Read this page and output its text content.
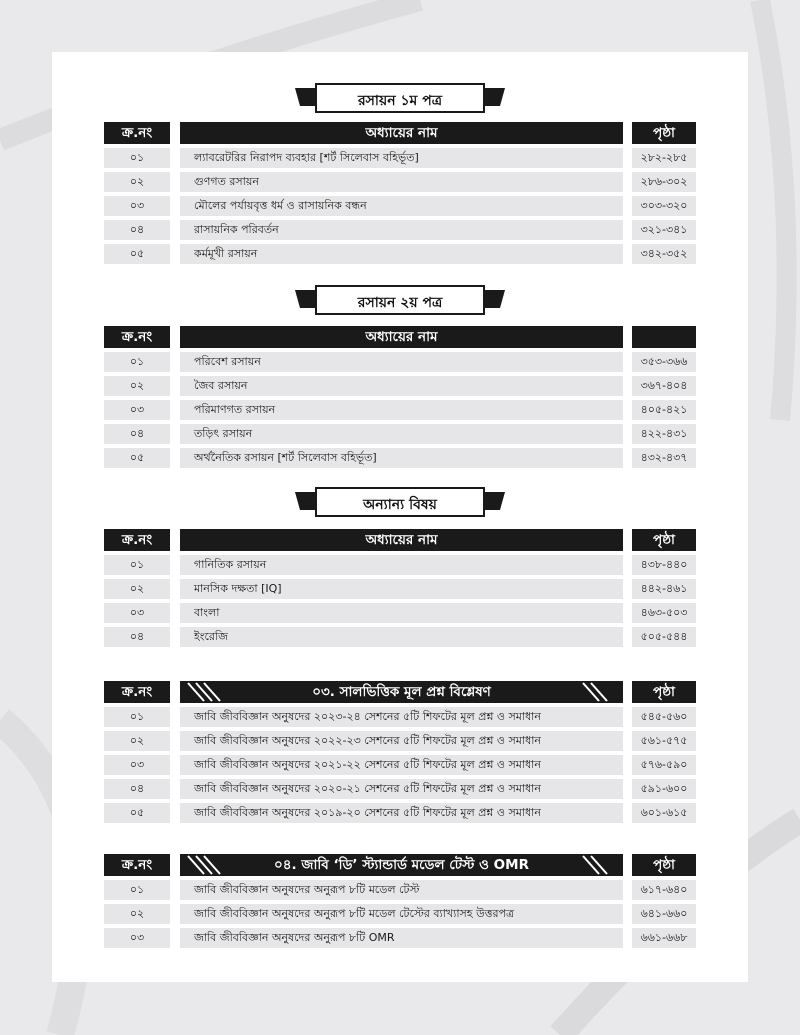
রসায়ন ১ম পত্র
ক্র.নং	অধ্যায়ের নাম	পৃষ্ঠা
০১	ল্যাবরেটরির নিরাপদ ব্যবহার [শর্ট সিলেবাস বহির্ভূত]	২৮২-২৮৫
০২	গুণগত রসায়ন	২৮৬-৩০২
০৩	মৌলের পর্যায়বৃত্ত ধর্ম ও রাসায়নিক বন্ধন	৩০৩-৩২০
০৪	রাসায়নিক পরিবর্তন	৩২১-৩৪১
০৫	কর্মমূখী রসায়ন	৩৪২-৩৫২
রসায়ন ২য় পত্র
ক্র.নং	অধ্যায়ের নাম
০১	পরিবেশ রসায়ন	৩৫৩-৩৬৬
০২	জৈব রসায়ন	৩৬৭-৪০৪
০৩	পরিমাণগত রসায়ন	৪০৫-৪২১
০৪	তড়িৎ রসায়ন	৪২২-৪৩১
০৫	অর্থনৈতিক রসায়ন [শর্ট সিলেবাস বহির্ভূত]	৪৩২-৪৩৭
অন্যান্য বিষয়
ক্র.নং	অধ্যায়ের নাম	পৃষ্ঠা
০১	গানিতিক রসায়ন	৪৩৮-৪৪০
০২	মানসিক দক্ষতা [IQ]	৪৪২-৪৬১
০৩	বাংলা	৪৬৩-৫০৩
০৪	ইংরেজি	৫০৫-৫৪৪
ক্র.নং	০৩. সালভিত্তিক মূল প্রশ্ন বিশ্লেষণ	পৃষ্ঠা
০১	জাবি জীববিজ্ঞান অনুষদের ২০২৩-২৪ সেশনের ৫টি শিফটের মূল প্রশ্ন ও সমাধান	৫৪৫-৫৬০
০২	জাবি জীববিজ্ঞান অনুষদের ২০২২-২৩ সেশনের ৫টি শিফটের মূল প্রশ্ন ও সমাধান	৫৬১-৫৭৫
০৩	জাবি জীববিজ্ঞান অনুষদের ২০২১-২২ সেশনের ৫টি শিফটের মূল প্রশ্ন ও সমাধান	৫৭৬-৫৯০
০৪	জাবি জীববিজ্ঞান অনুষদের ২০২০-২১ সেশনের ৫টি শিফটের মূল প্রশ্ন ও সমাধান	৫৯১-৬০০
০৫	জাবি জীববিজ্ঞান অনুষদের ২০১৯-২০ সেশনের ৫টি শিফটের মূল প্রশ্ন ও সমাধান	৬০১-৬১৫
ক্র.নং	০৪. জাবি ‘ডি’ স্ট্যান্ডার্ড মডেল টেস্ট ও OMR	পৃষ্ঠা
০১	জাবি জীববিজ্ঞান অনুষদের অনুরূপ ৮টি মডেল টেস্ট	৬১৭-৬৪০
০২	জাবি জীববিজ্ঞান অনুষদের অনুরূপ ৮টি মডেল টেস্টের ব্যাখ্যাসহ উত্তরপত্র	৬৪১-৬৬০
০৩	জাবি জীববিজ্ঞান অনুষদের অনুরূপ ৮টি OMR	৬৬১-৬৬৮
